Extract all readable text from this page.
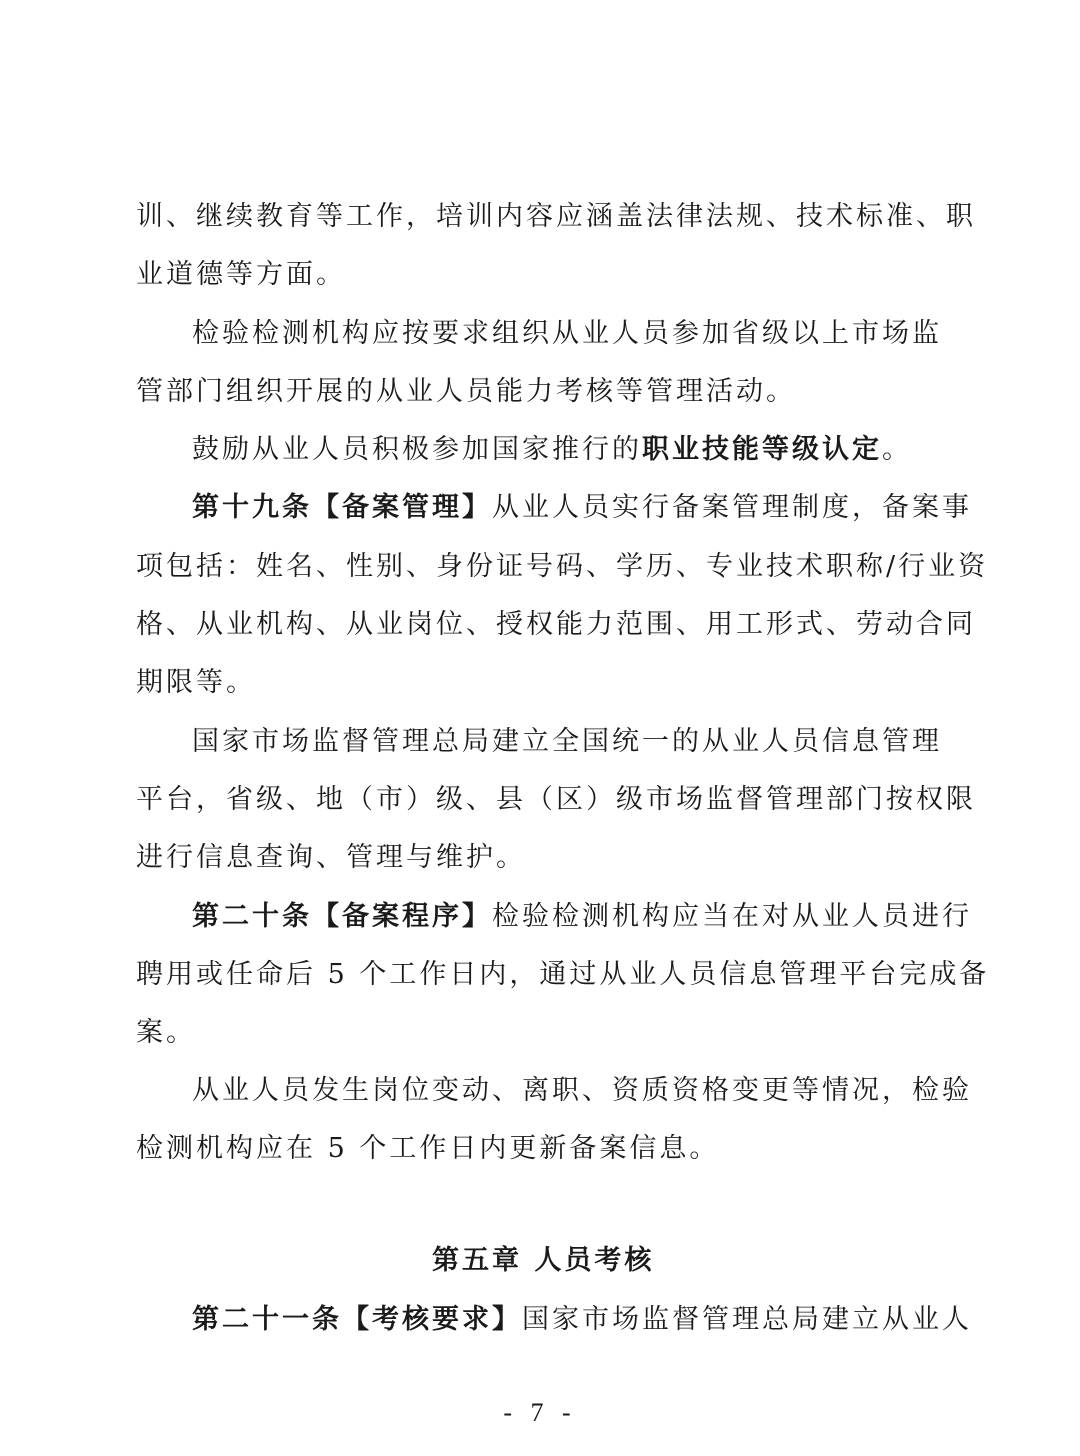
训、继续教育等工作，培训内容应涵盖法律法规、技术标准、职
业道德等方面。
检验检测机构应按要求组织从业人员参加省级以上市场监
管部门组织开展的从业人员能力考核等管理活动。
鼓励从业人员积极参加国家推行的职业技能等级认定。
第十九条【备案管理】从业人员实行备案管理制度，备案事
项包括：姓名、性别、身份证号码、学历、专业技术职称/行业资
格、从业机构、从业岗位、授权能力范围、用工形式、劳动合同
期限等。
国家市场监督管理总局建立全国统一的从业人员信息管理
平台，省级、地（市）级、县（区）级市场监督管理部门按权限
进行信息查询、管理与维护。
第二十条【备案程序】检验检测机构应当在对从业人员进行
聘用或任命后 5 个工作日内，通过从业人员信息管理平台完成备
案。
从业人员发生岗位变动、离职、资质资格变更等情况，检验
检测机构应在 5 个工作日内更新备案信息。
第五章 人员考核
第二十一条【考核要求】国家市场监督管理总局建立从业人
- 7 -
